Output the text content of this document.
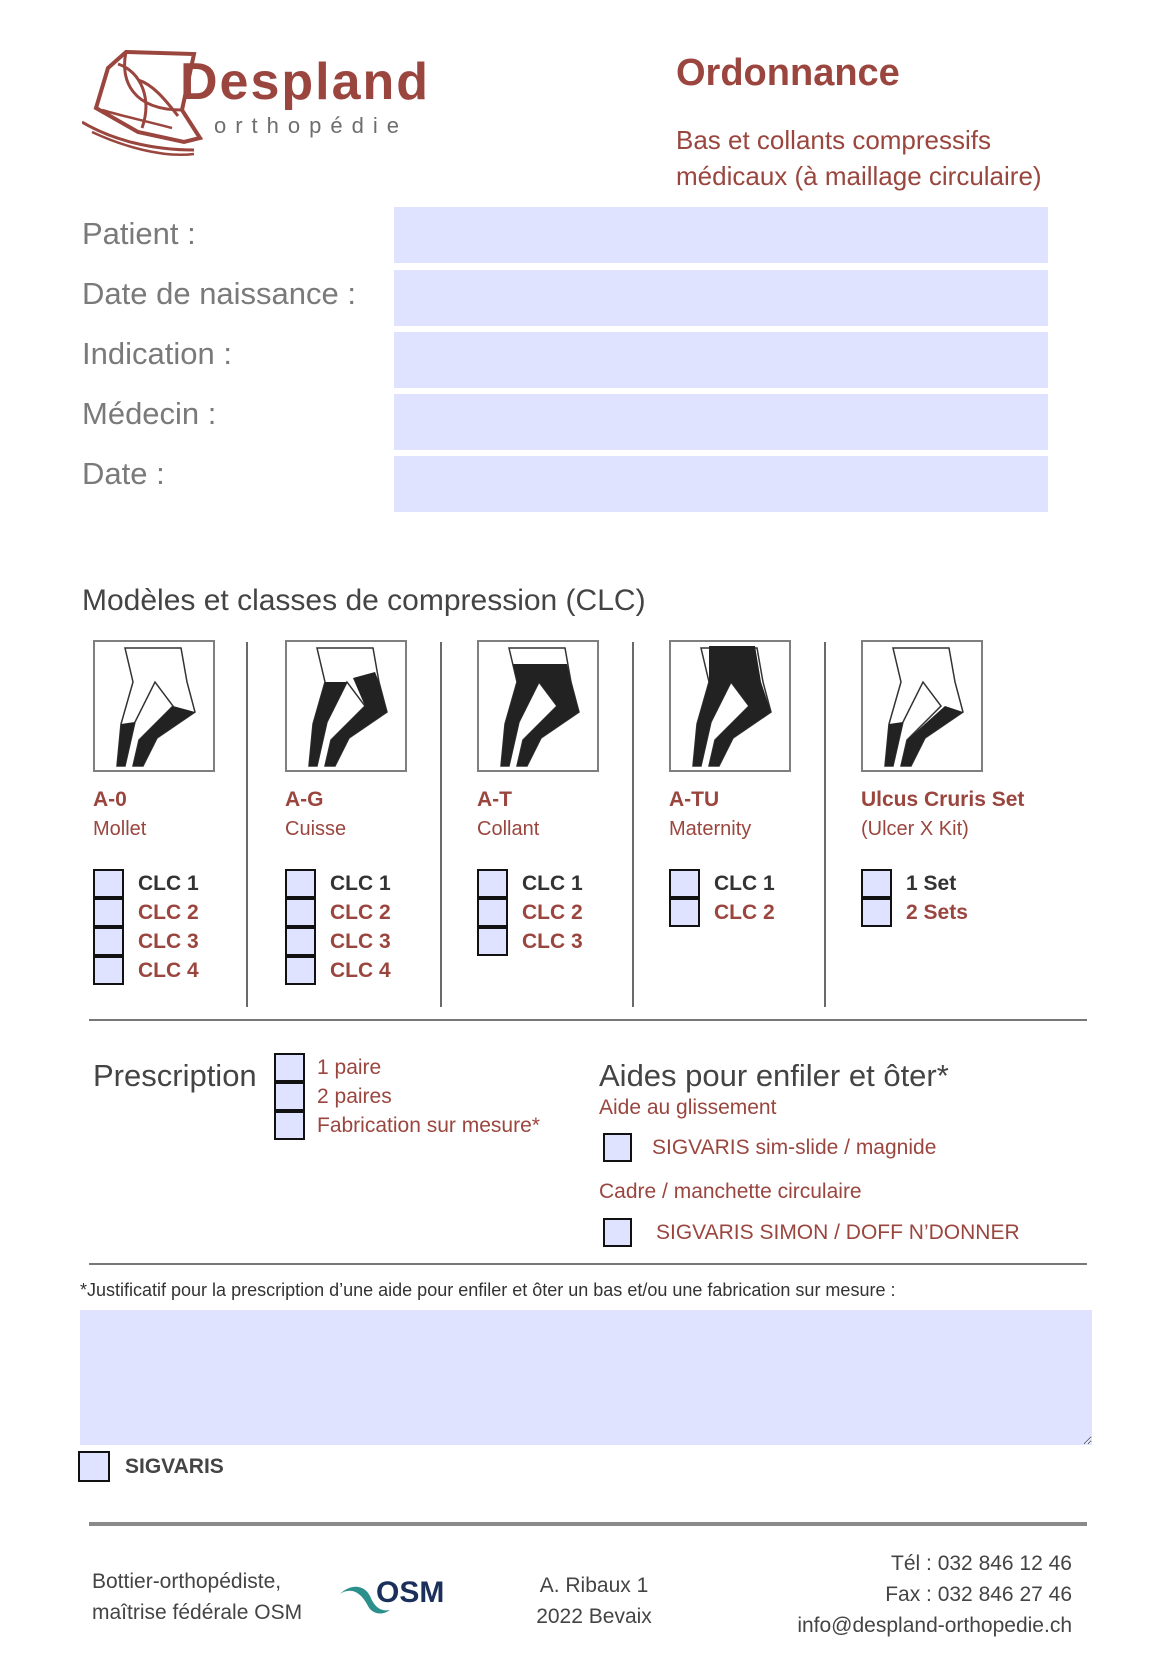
Despland
orthopédie
Ordonnance
Bas et collants compressifs
médicaux (à maillage circulaire)
Patient :
Date de naissance :
Indication :
Médecin :
Date :
Modèles et classes de compression (CLC)
A-0
Mollet
CLC 1
CLC 2
CLC 3
CLC 4
A-G
Cuisse
CLC 1
CLC 2
CLC 3
CLC 4
A-T
Collant
CLC 1
CLC 2
CLC 3
A-TU
Maternity
CLC 1
CLC 2
Ulcus Cruris Set
(Ulcer X Kit)
1 Set
2 Sets
Prescription	1 paire
2 paires
Fabrication sur mesure*
Aides pour enfiler et ôter*
Aide au glissement
SIGVARIS sim-slide / magnide
Cadre / manchette circulaire
SIGVARIS SIMON / DOFF N’DONNER
*Justificatif pour la prescription d’une aide pour enfiler et ôter un bas et/ou une fabrication sur mesure :
SIGVARIS
Bottier-orthopédiste,
maîtrise fédérale OSM
OSM	A. Ribaux 1
2022 Bevaix
Tél : 032 846 12 46
Fax : 032 846 27 46
info@despland-orthopedie.ch
